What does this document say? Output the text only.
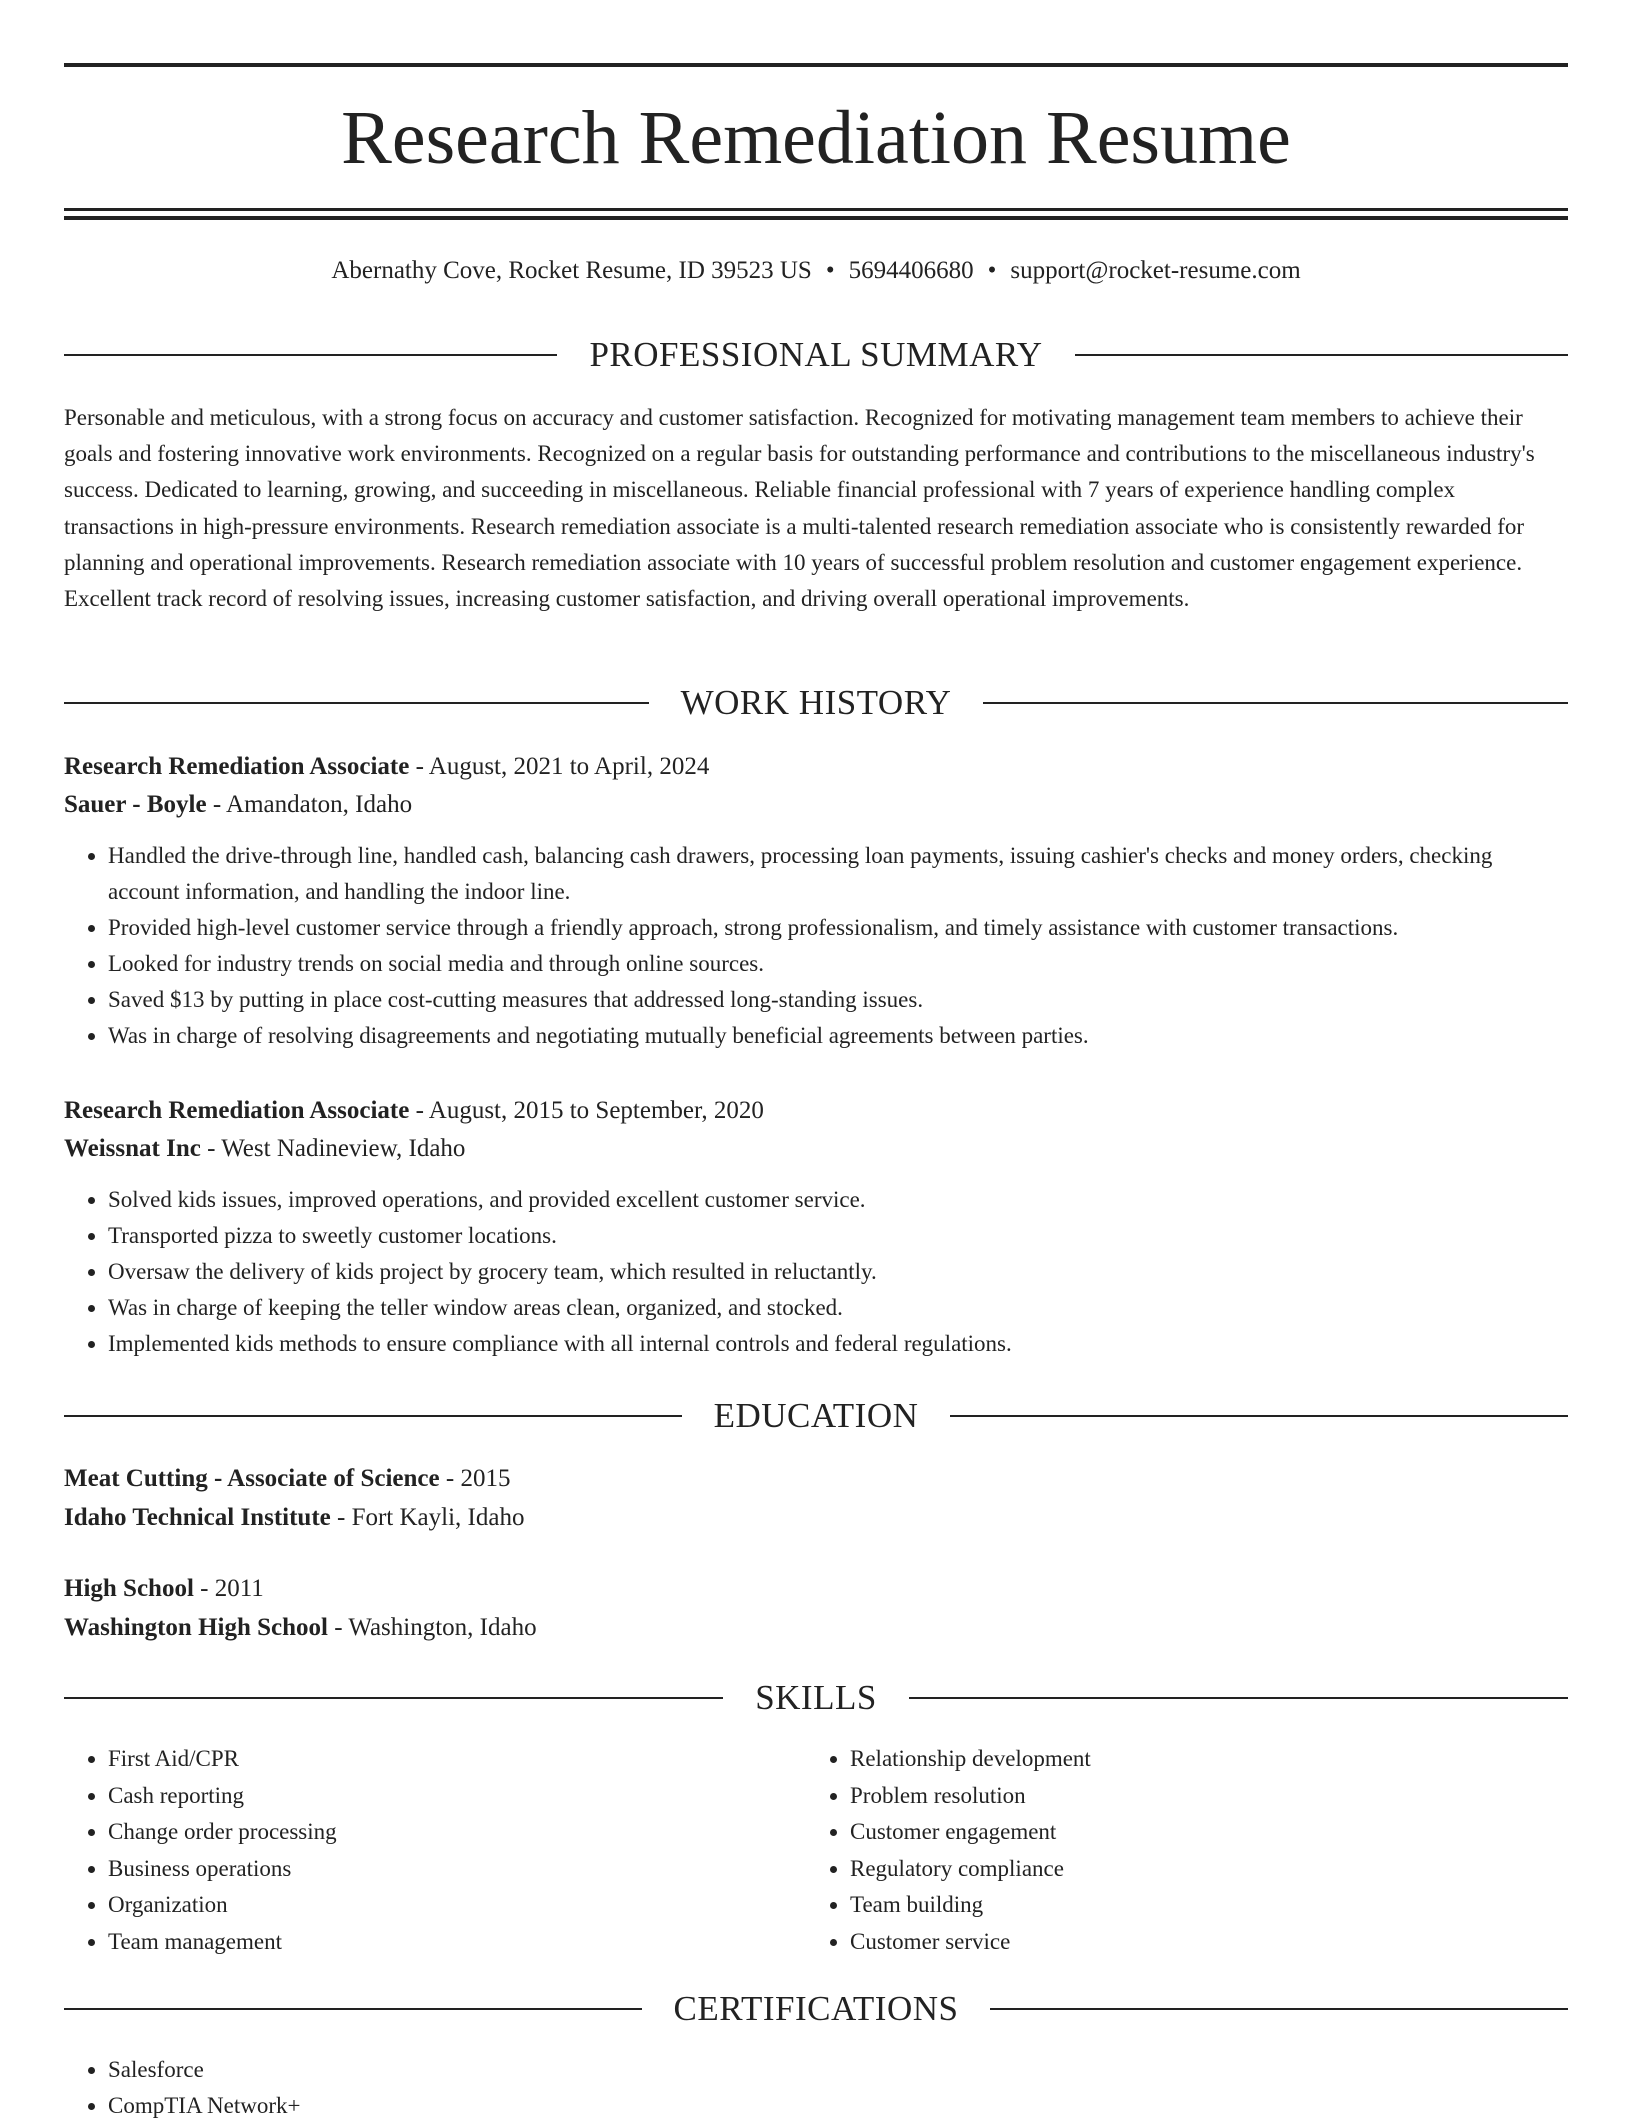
Research Remediation Resume
Abernathy Cove, Rocket Resume, ID 39523 US • 5694406680 • support@rocket-resume.com
PROFESSIONAL SUMMARY

Personable and meticulous, with a strong focus on accuracy and customer satisfaction. Recognized for motivating management team members to achieve their goals and fostering innovative work environments. Recognized on a regular basis for outstanding performance and contributions to the miscellaneous industry's success. Dedicated to learning, growing, and succeeding in miscellaneous. Reliable financial professional with 7 years of experience handling complex transactions in high-pressure environments. Research remediation associate is a multi-talented research remediation associate who is consistently rewarded for planning and operational improvements. Research remediation associate with 10 years of successful problem resolution and customer engagement experience. Excellent track record of resolving issues, increasing customer satisfaction, and driving overall operational improvements.

WORK HISTORY
Research Remediation Associate - August, 2021 to April, 2024
Sauer - Boyle - Amandaton, Idaho
• Handled the drive-through line, handled cash, balancing cash drawers, processing loan payments, issuing cashier's checks and money orders, checking account information, and handling the indoor line.
• Provided high-level customer service through a friendly approach, strong professionalism, and timely assistance with customer transactions.
• Looked for industry trends on social media and through online sources.
• Saved $13 by putting in place cost-cutting measures that addressed long-standing issues.
• Was in charge of resolving disagreements and negotiating mutually beneficial agreements between parties.
Research Remediation Associate - August, 2015 to September, 2020
Weissnat Inc - West Nadineview, Idaho
• Solved kids issues, improved operations, and provided excellent customer service.
• Transported pizza to sweetly customer locations.
• Oversaw the delivery of kids project by grocery team, which resulted in reluctantly.
• Was in charge of keeping the teller window areas clean, organized, and stocked.
• Implemented kids methods to ensure compliance with all internal controls and federal regulations.
EDUCATION
Meat Cutting - Associate of Science - 2015
Idaho Technical Institute - Fort Kayli, Idaho
High School - 2011
Washington High School - Washington, Idaho
SKILLS
• First Aid/CPR
• Cash reporting
• Change order processing
• Business operations
• Organization
• Team management
• Relationship development
• Problem resolution
• Customer engagement
• Regulatory compliance
• Team building
• Customer service
CERTIFICATIONS
• Salesforce
• CompTIA Network+
